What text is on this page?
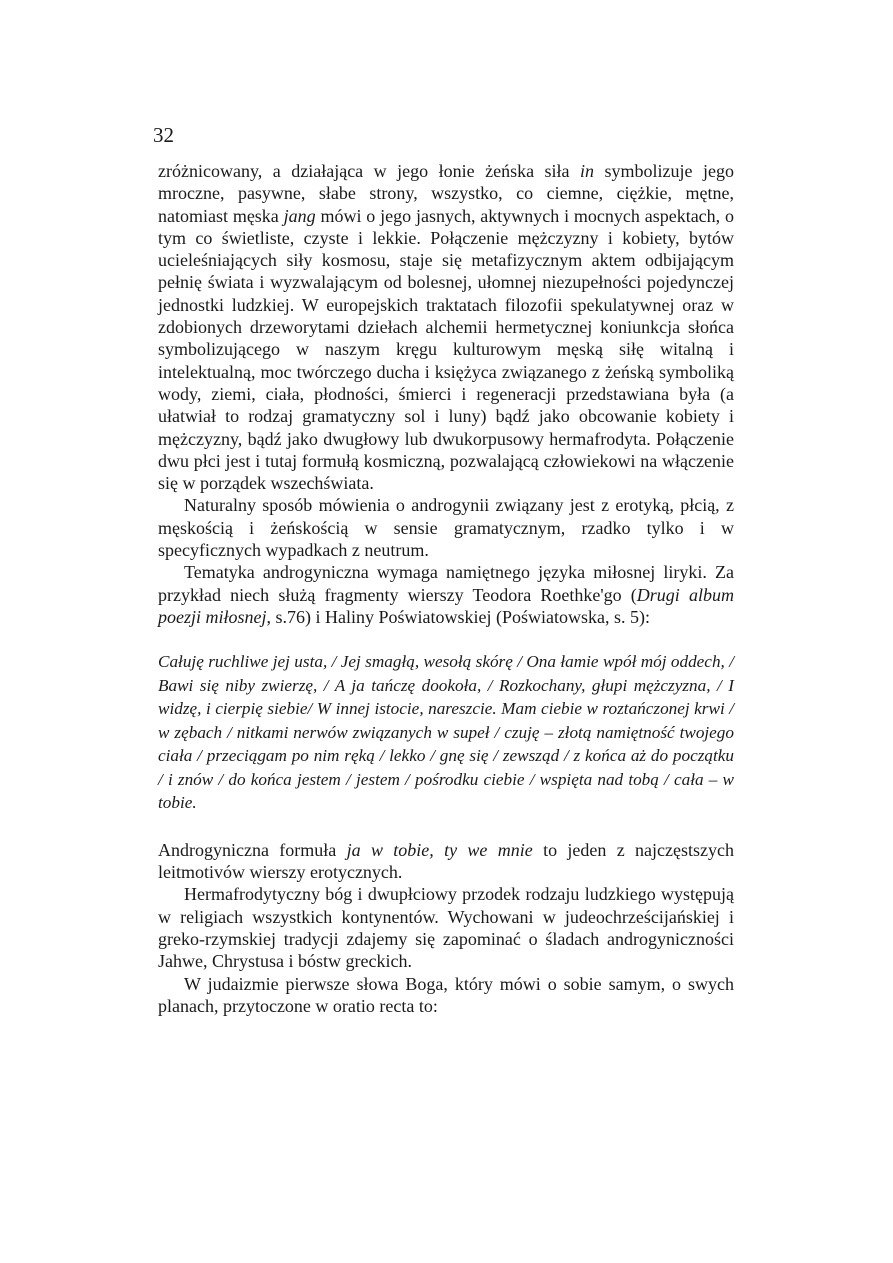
32

zróżnicowany, a działająca w jego łonie żeńska siła in symbolizuje jego mroczne, pasywne, słabe strony, wszystko, co ciemne, ciężkie, mętne, natomiast męska jang mówi o jego jasnych, aktywnych i mocnych aspektach, o tym co świetliste, czyste i lekkie. Połączenie mężczyzny i kobiety, bytów ucieleśniających siły kosmosu, staje się metafizycznym aktem odbijającym pełnię świata i wyzwalającym od bolesnej, ułomnej niezupełności pojedynczej jednostki ludzkiej. W europejskich traktatach filozofii spekulatywnej oraz w zdobionych drzeworytami dziełach alchemii hermetycznej koniunkcja słońca symbolizującego w naszym kręgu kulturowym męską siłę witalną i intelektualną, moc twórczego ducha i księżyca związanego z żeńską symboliką wody, ziemi, ciała, płodności, śmierci i regeneracji przedstawiana była (a ułatwiał to rodzaj gramatyczny sol i luny) bądź jako obcowanie kobiety i mężczyzny, bądź jako dwugłowy lub dwukorpusowy hermafrodyta. Połączenie dwu płci jest i tutaj formułą kosmiczną, pozwalającą człowiekowi na włączenie się w porządek wszechświata.

Naturalny sposób mówienia o androgynii związany jest z erotyką, płcią, z męskością i żeńskością w sensie gramatycznym, rzadko tylko i w specyficznych wypadkach z neutrum.

Tematyka androgyniczna wymaga namiętnego języka miłosnej liryki. Za przykład niech służą fragmenty wierszy Teodora Roethke'go (Drugi album poezji miłosnej, s.76) i Haliny Poświatowskiej (Poświatowska, s. 5):

Całuję ruchliwe jej usta, / Jej smagłą, wesołą skórę / Ona łamie wpół mój oddech, / Bawi się niby zwierzę, / A ja tańczę dookoła, / Rozkochany, głupi mężczyzna, / I widzę, i cierpię siebie/ W innej istocie, nareszcie. Mam ciebie w roztańczonej krwi / w zębach / nitkami nerwów związanych w supeł / czuję – złotą namiętność twojego ciała / przeciągam po nim ręką / lekko / gnę się / zewsząd / z końca aż do początku / i znów / do końca jestem / jestem / pośrodku ciebie / wspięta nad tobą / cała – w tobie.

Androgyniczna formuła ja w tobie, ty we mnie to jeden z najczęstszych leitmotivów wierszy erotycznych.

Hermafrodytyczny bóg i dwupłciowy przodek rodzaju ludzkiego występują w religiach wszystkich kontynentów. Wychowani w judeochrześcijańskiej i greko-rzymskiej tradycji zdajemy się zapominać o śladach androgyniczności Jahwe, Chrystusa i bóstw greckich.

W judaizmie pierwsze słowa Boga, który mówi o sobie samym, o swych planach, przytoczone w oratio recta to:
